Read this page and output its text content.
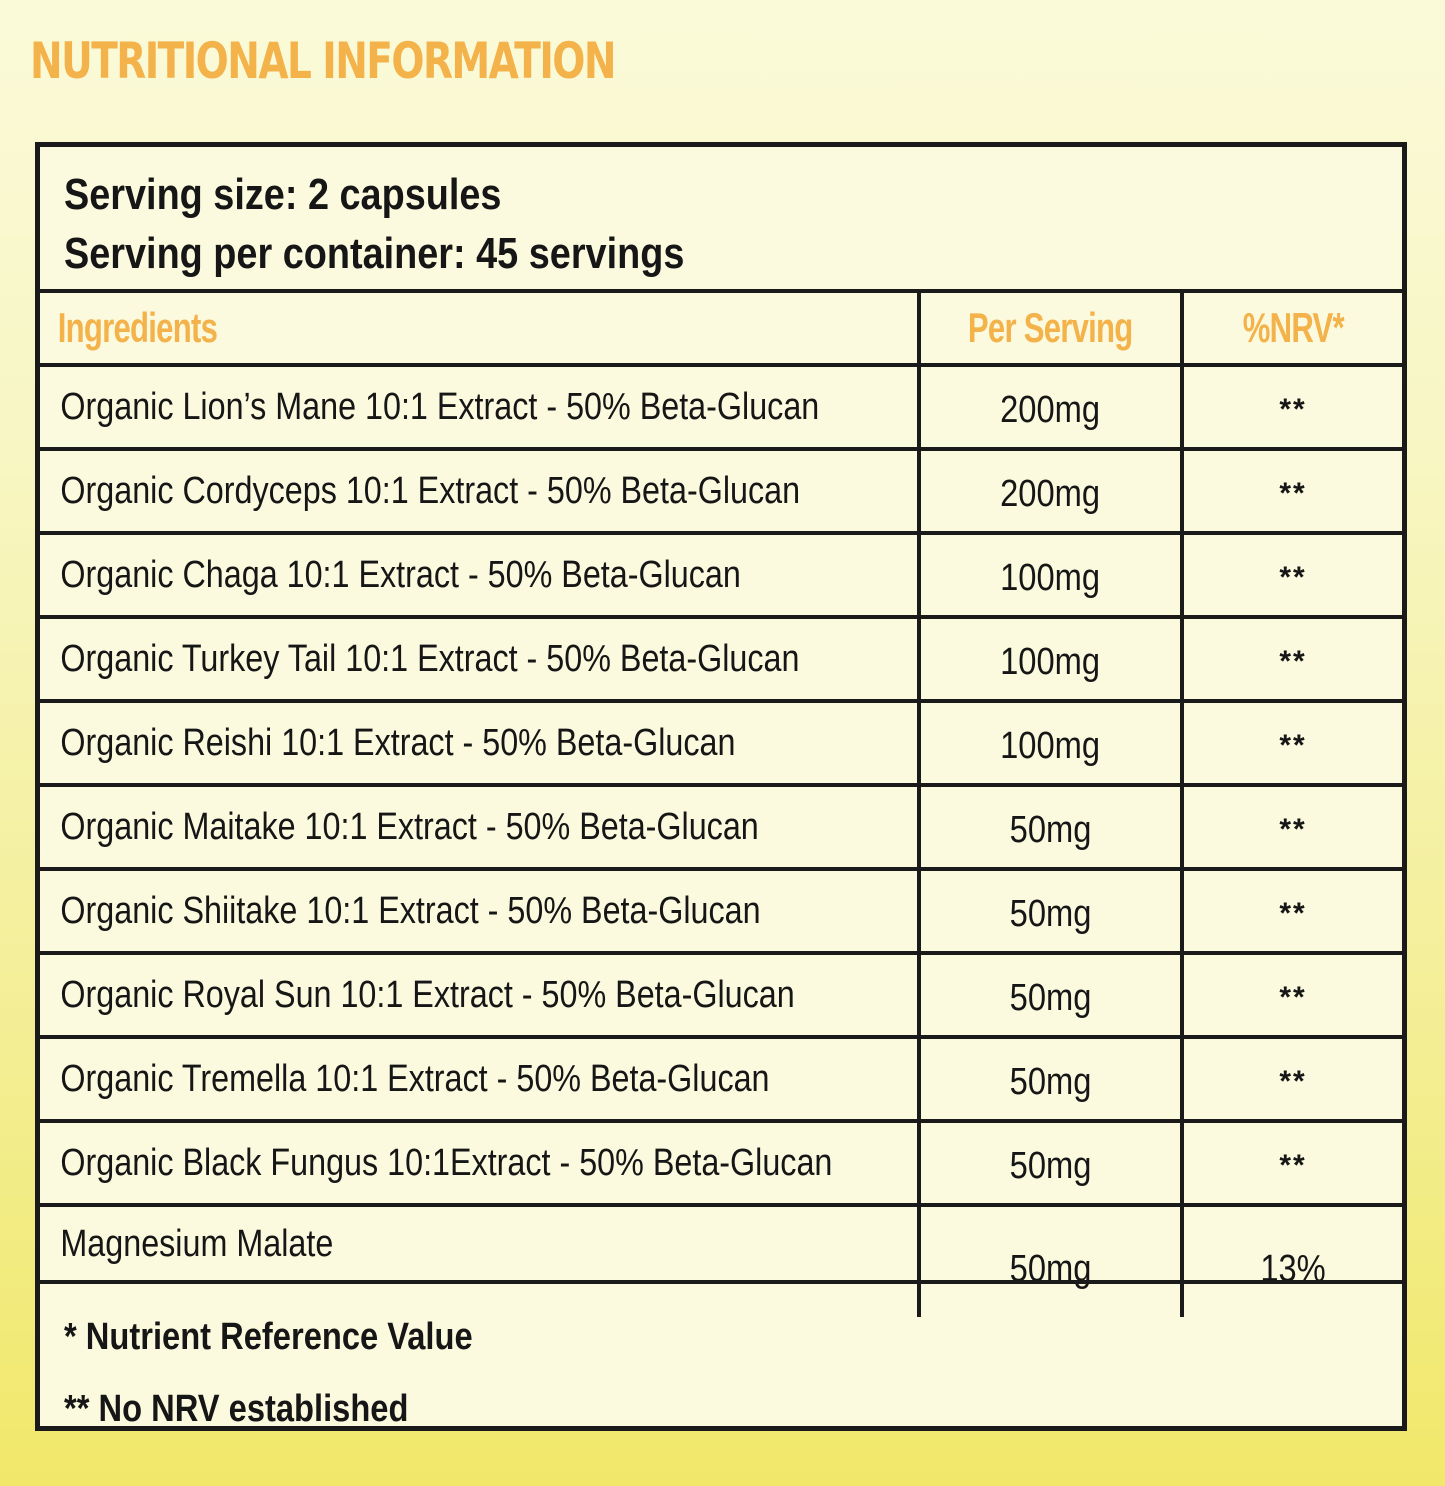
NUTRITIONAL INFORMATION
Serving size: 2 capsules
Serving per container: 45 servings
Ingredients	Per Serving	%NRV*
Organic Lion’s Mane 10:1 Extract - 50% Beta-Glucan	200mg	**
Organic Cordyceps 10:1 Extract - 50% Beta-Glucan	200mg	**
Organic Chaga 10:1 Extract - 50% Beta-Glucan	100mg	**
Organic Turkey Tail 10:1 Extract - 50% Beta-Glucan	100mg	**
Organic Reishi 10:1 Extract - 50% Beta-Glucan	100mg	**
Organic Maitake 10:1 Extract - 50% Beta-Glucan	50mg	**
Organic Shiitake 10:1 Extract - 50% Beta-Glucan	50mg	**
Organic Royal Sun 10:1 Extract - 50% Beta-Glucan	50mg	**
Organic Tremella 10:1 Extract - 50% Beta-Glucan	50mg	**
Organic Black Fungus 10:1Extract - 50% Beta-Glucan	50mg	**
Magnesium Malate	50mg	13%
* Nutrient Reference Value
** No NRV established
